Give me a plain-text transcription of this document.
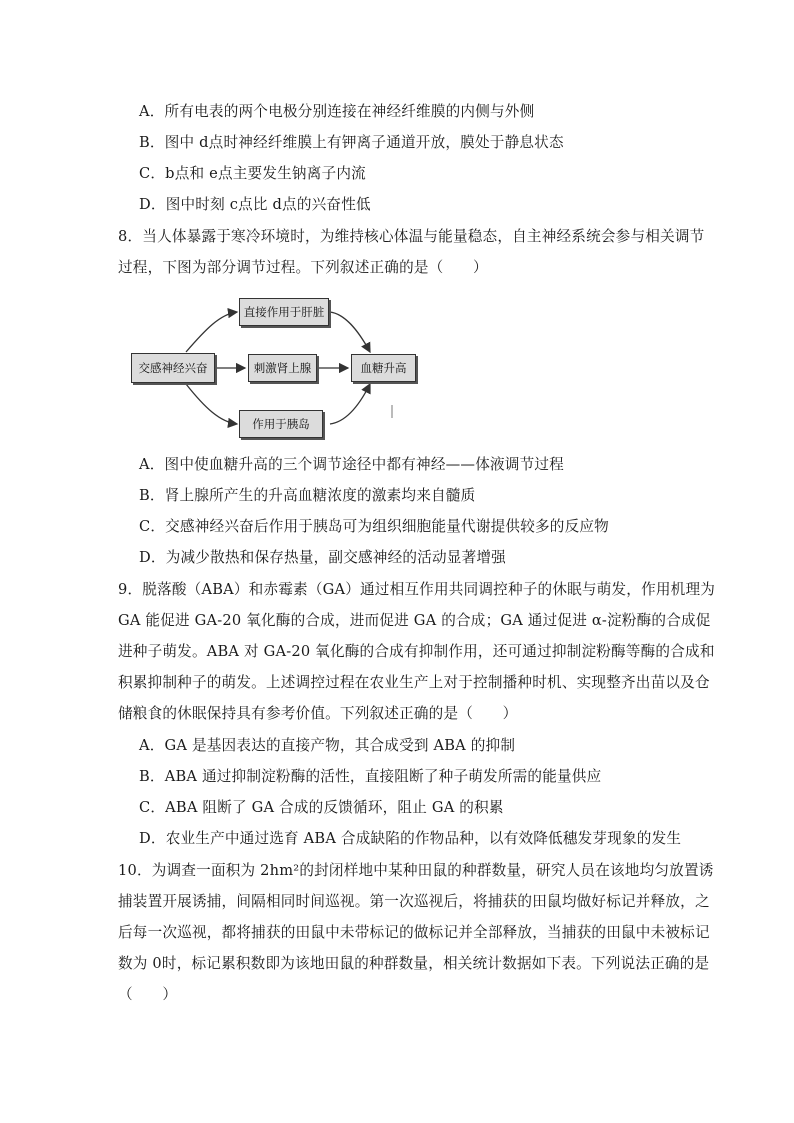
A．所有电表的两个电极分别连接在神经纤维膜的内侧与外侧
B．图中 d点时神经纤维膜上有钾离子通道开放，膜处于静息状态
C．b点和 e点主要发生钠离子内流
D．图中时刻 c点比 d点的兴奋性低
8．当人体暴露于寒冷环境时，为维持核心体温与能量稳态，自主神经系统会参与相关调节
过程，下图为部分调节过程。下列叙述正确的是（　　）
交感神经兴奋
直接作用于肝脏
刺激肾上腺
作用于胰岛
血糖升高
A．图中使血糖升高的三个调节途径中都有神经——体液调节过程
B．肾上腺所产生的升高血糖浓度的激素均来自髓质
C．交感神经兴奋后作用于胰岛可为组织细胞能量代谢提供较多的反应物
D．为减少散热和保存热量，副交感神经的活动显著增强
9．脱落酸（ABA）和赤霉素（GA）通过相互作用共同调控种子的休眠与萌发，作用机理为
GA 能促进 GA-20 氧化酶的合成，进而促进 GA 的合成；GA 通过促进 α-淀粉酶的合成促
进种子萌发。ABA 对 GA-20 氧化酶的合成有抑制作用，还可通过抑制淀粉酶等酶的合成和
积累抑制种子的萌发。上述调控过程在农业生产上对于控制播种时机、实现整齐出苗以及仓
储粮食的休眠保持具有参考价值。下列叙述正确的是（　　）
A．GA 是基因表达的直接产物，其合成受到 ABA 的抑制
B．ABA 通过抑制淀粉酶的活性，直接阻断了种子萌发所需的能量供应
C．ABA 阻断了 GA 合成的反馈循环，阻止 GA 的积累
D．农业生产中通过选育 ABA 合成缺陷的作物品种，以有效降低穗发芽现象的发生
10．为调查一面积为 2hm²的封闭样地中某种田鼠的种群数量，研究人员在该地均匀放置诱
捕装置开展诱捕，间隔相同时间巡视。第一次巡视后，将捕获的田鼠均做好标记并释放，之
后每一次巡视，都将捕获的田鼠中未带标记的做标记并全部释放，当捕获的田鼠中未被标记
数为 0时，标记累积数即为该地田鼠的种群数量，相关统计数据如下表。下列说法正确的是
（　　）
